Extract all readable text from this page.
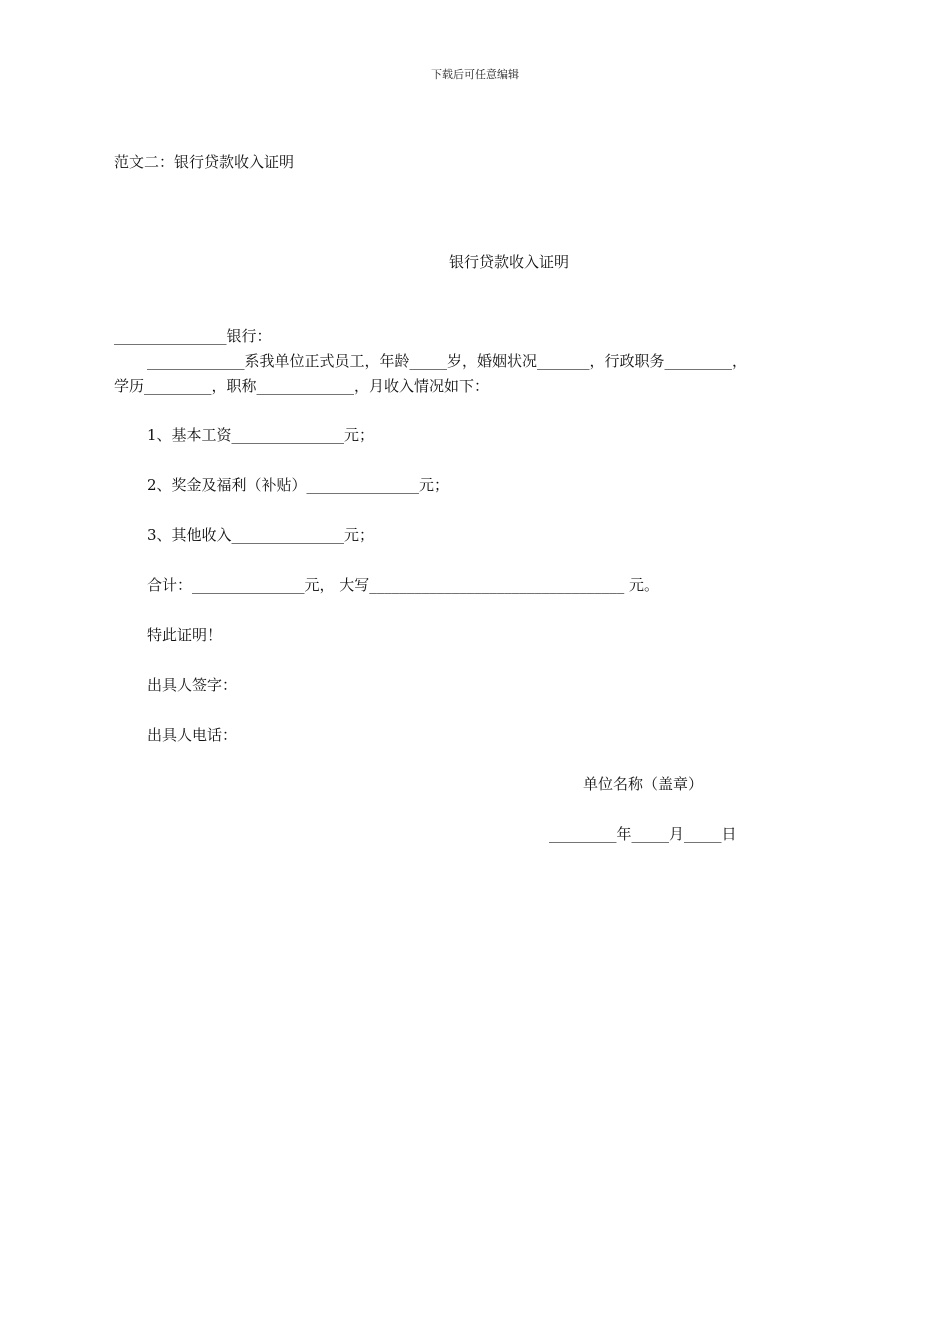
下载后可任意编辑
范文二：银行贷款收入证明
银行贷款收入证明
_______________银行：
_____________系我单位正式员工，年龄_____岁，婚姻状况_______，行政职务_________，
学历_________，职称_____________，月收入情况如下：
1、基本工资_______________元；
2、奖金及福利（补贴）_______________元；
3、其他收入_______________元；
合计：_______________元， 大写__________________________________ 元。
特此证明！
出具人签字：
出具人电话：
单位名称（盖章）
_________年_____月_____日
